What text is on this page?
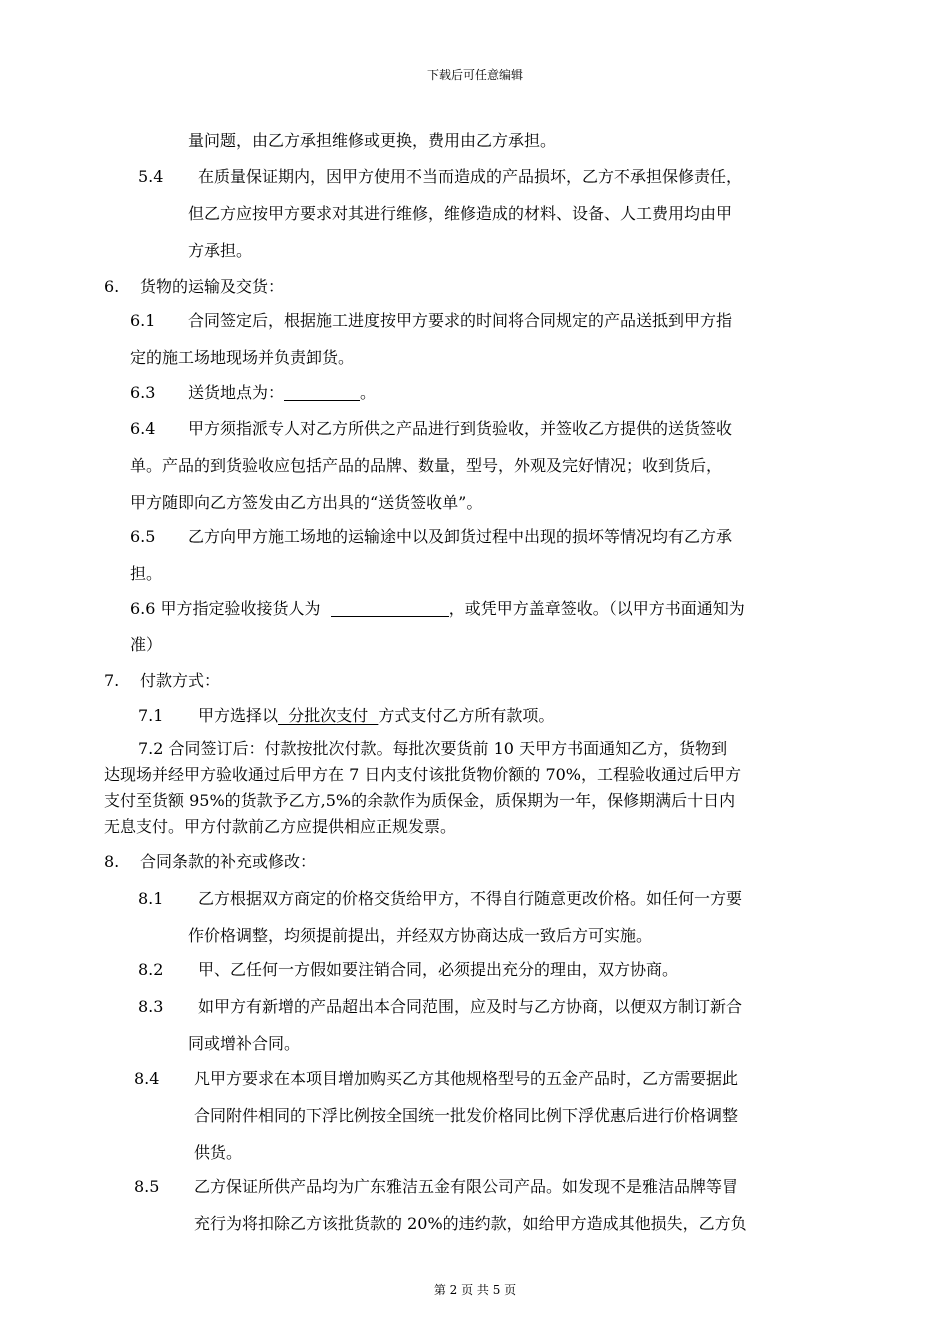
下载后可任意编辑
量问题，由乙方承担维修或更换，费用由乙方承担。
5.4 在质量保证期内，因甲方使用不当而造成的产品损坏，乙方不承担保修责任，
但乙方应按甲方要求对其进行维修，维修造成的材料、设备、人工费用均由甲
方承担。
6. 货物的运输及交货：
6.1 合同签定后，根据施工进度按甲方要求的时间将合同规定的产品送抵到甲方指
定的施工场地现场并负责卸货。
6.3 送货地点为：	。
6.4 甲方须指派专人对乙方所供之产品进行到货验收，并签收乙方提供的送货签收
单。产品的到货验收应包括产品的品牌、数量，型号，外观及完好情况；收到货后，
甲方随即向乙方签发由乙方出具的“送货签收单”。
6.5 乙方向甲方施工场地的运输途中以及卸货过程中出现的损坏等情况均有乙方承
担。
6.6 甲方指定验收接货人为	，或凭甲方盖章签收。（以甲方书面通知为
准）
7. 付款方式：
7.1 甲方选择以  分批次支付  方式支付乙方所有款项。
7.2 合同签订后：付款按批次付款。每批次要货前 10 天甲方书面通知乙方，货物到
达现场并经甲方验收通过后甲方在 7 日内支付该批货物价额的 70%，工程验收通过后甲方
支付至货额 95%的货款予乙方,5%的余款作为质保金，质保期为一年，保修期满后十日内
无息支付。甲方付款前乙方应提供相应正规发票。
8. 合同条款的补充或修改：
8.1 乙方根据双方商定的价格交货给甲方，不得自行随意更改价格。如任何一方要
作价格调整，均须提前提出，并经双方协商达成一致后方可实施。
8.2 甲、乙任何一方假如要注销合同，必须提出充分的理由，双方协商。
8.3 如甲方有新增的产品超出本合同范围，应及时与乙方协商，以便双方制订新合
同或增补合同。
8.4 凡甲方要求在本项目增加购买乙方其他规格型号的五金产品时，乙方需要据此
合同附件相同的下浮比例按全国统一批发价格同比例下浮优惠后进行价格调整
供货。
8.5 乙方保证所供产品均为广东雅洁五金有限公司产品。如发现不是雅洁品牌等冒
充行为将扣除乙方该批货款的 20%的违约款，如给甲方造成其他损失，乙方负
第 2 页 共 5 页
